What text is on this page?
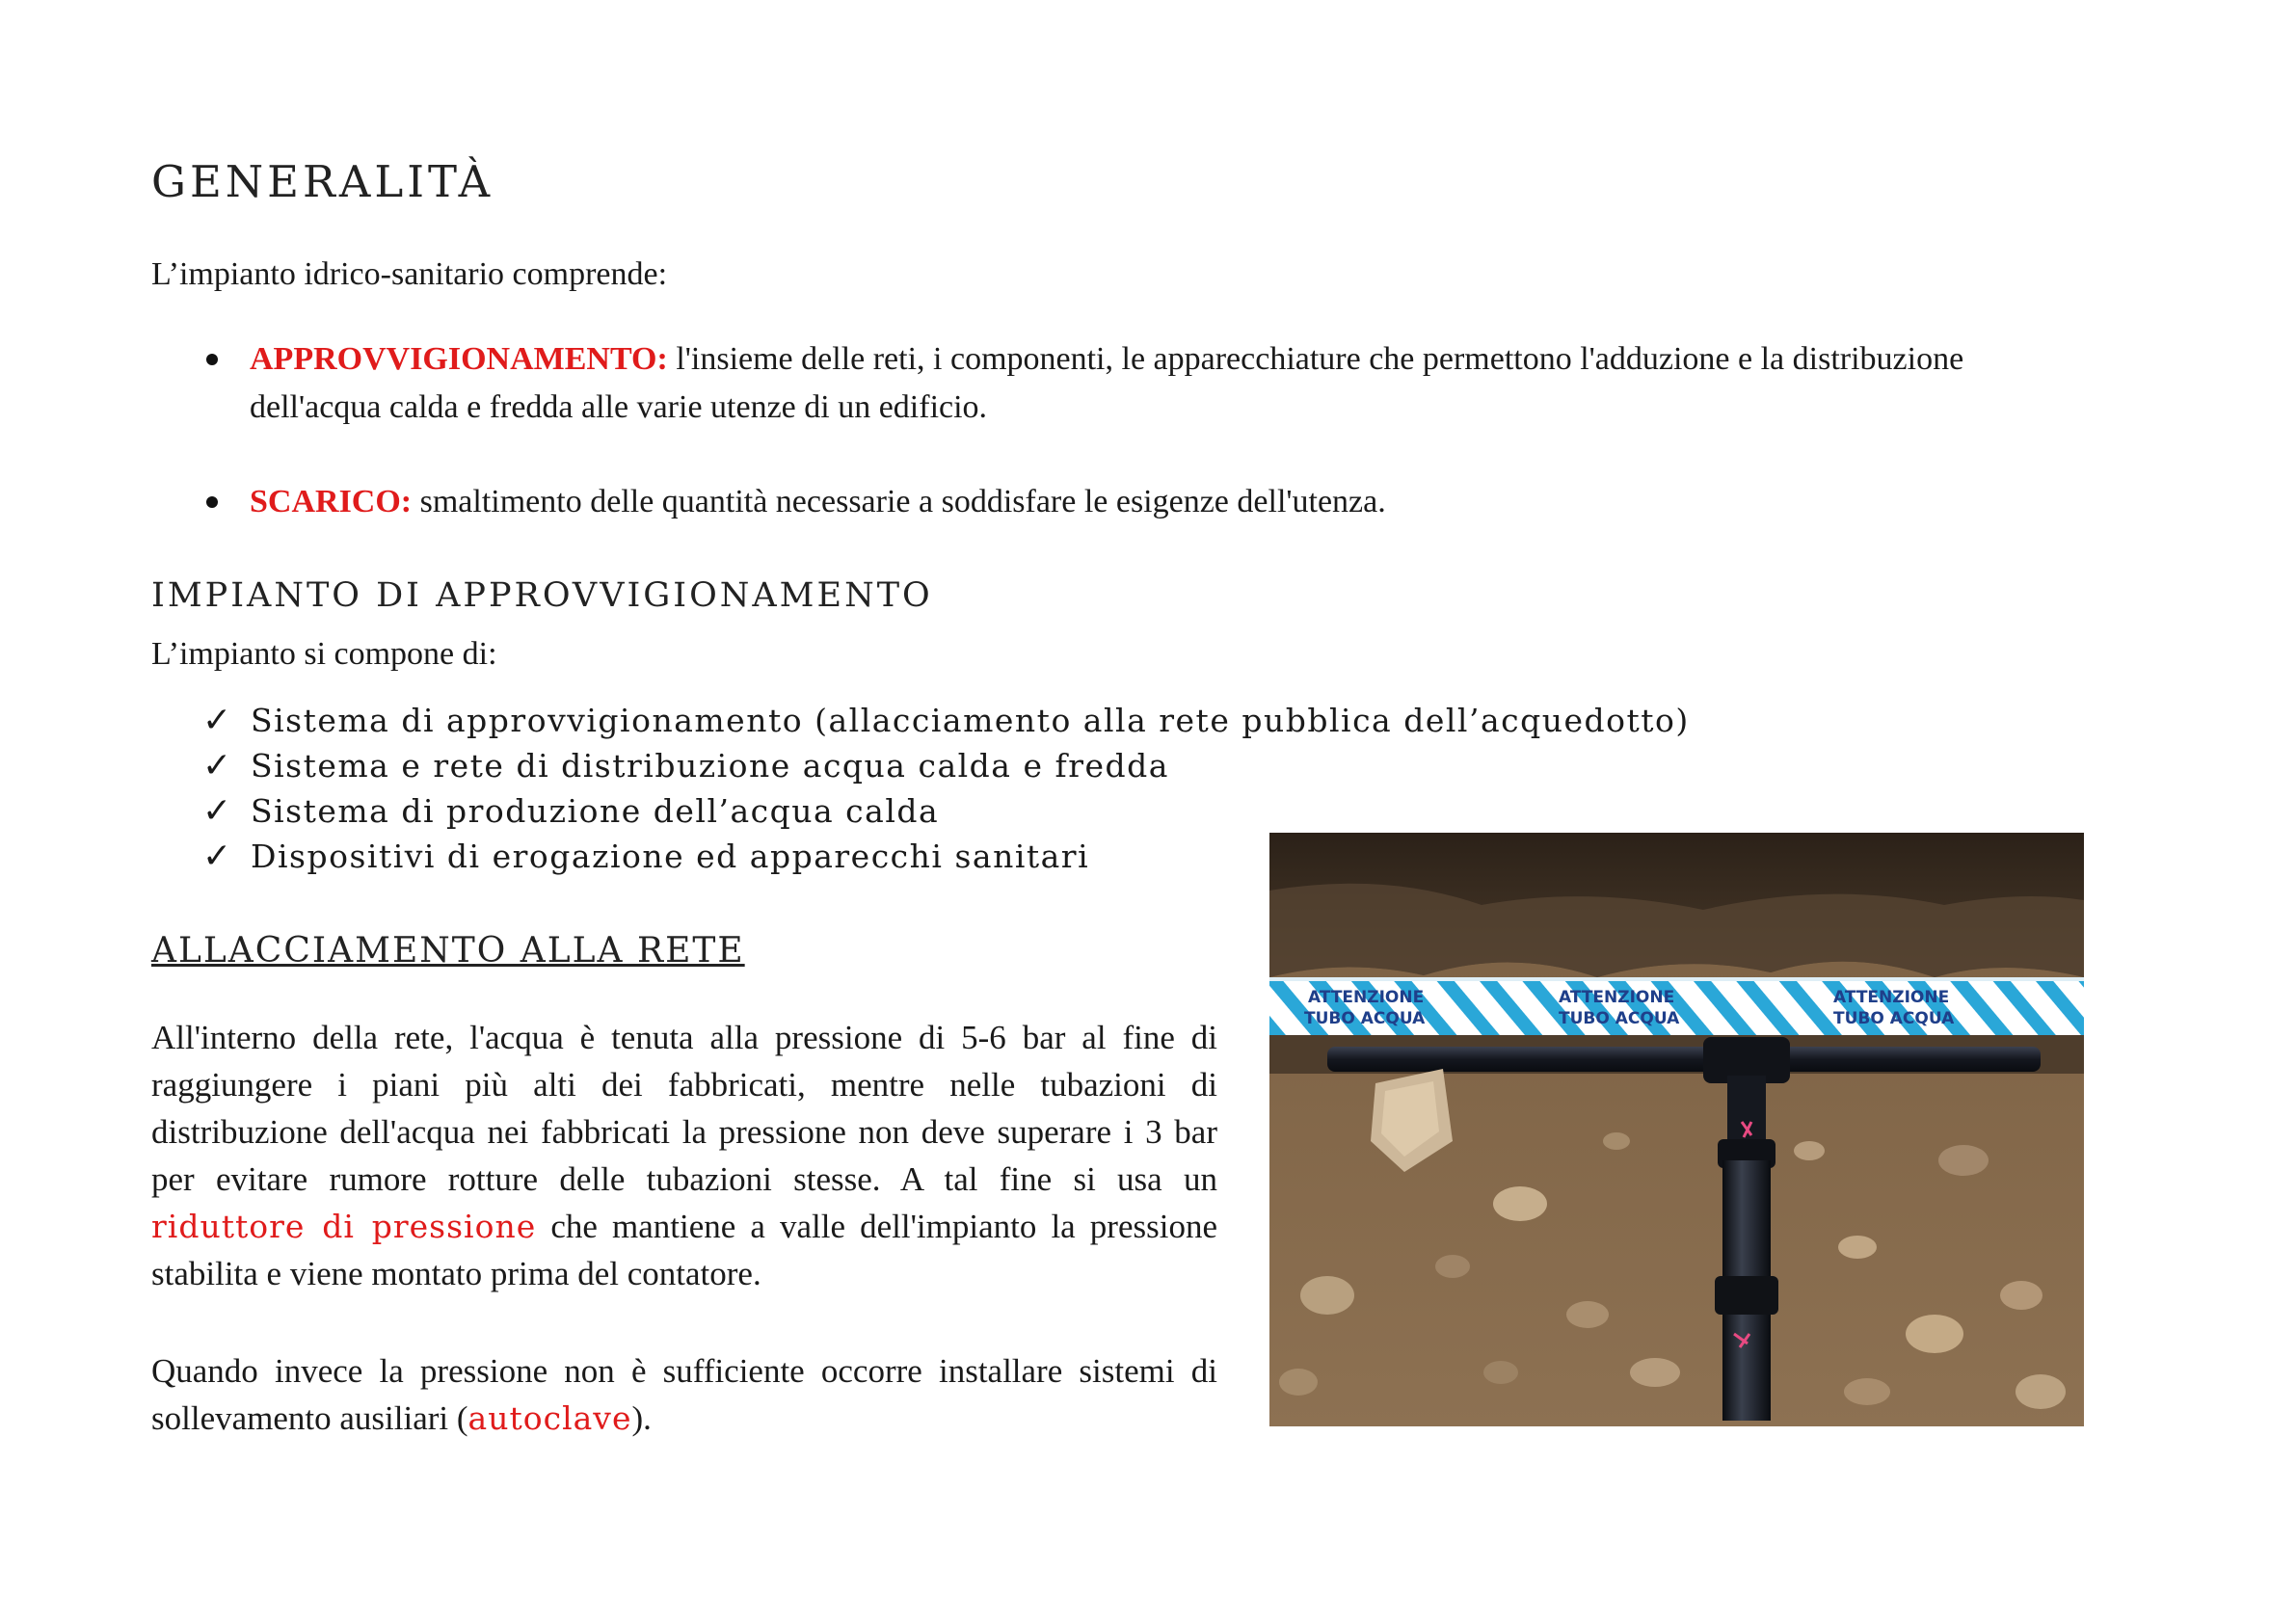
GENERALITÀ
L’impianto idrico-sanitario comprende:
APPROVVIGIONAMENTO: l'insieme delle reti, i componenti, le apparecchiature che permettono l'adduzione e la distribuzione dell'acqua calda e fredda alle varie utenze di un edificio.
SCARICO: smaltimento delle quantità necessarie a soddisfare le esigenze dell'utenza.
IMPIANTO DI APPROVVIGIONAMENTO
L’impianto si compone di:
✓ Sistema di approvvigionamento (allacciamento alla rete pubblica dell’acquedotto)
✓ Sistema e rete di distribuzione acqua calda e fredda
✓ Sistema di produzione dell’acqua calda
✓ Dispositivi di erogazione ed apparecchi sanitari
ALLACCIAMENTO ALLA RETE

All'interno della rete, l'acqua è tenuta alla pressione di 5-6 bar al fine di raggiungere i piani più alti dei fabbricati, mentre nelle tubazioni di distribuzione dell'acqua nei fabbricati la pressione non deve superare i 3 bar per evitare rumore rotture delle tubazioni stesse. A tal fine si usa un riduttore di pressione che mantiene a valle dell'impianto la pressione stabilita e viene montato prima del contatore.

Quando invece la pressione non è sufficiente occorre installare sistemi di sollevamento ausiliari (autoclave).

ATTENZIONE
TUBO ACQUA
ATTENZIONE
TUBO ACQUA
ATTENZIONE
TUBO ACQUA
